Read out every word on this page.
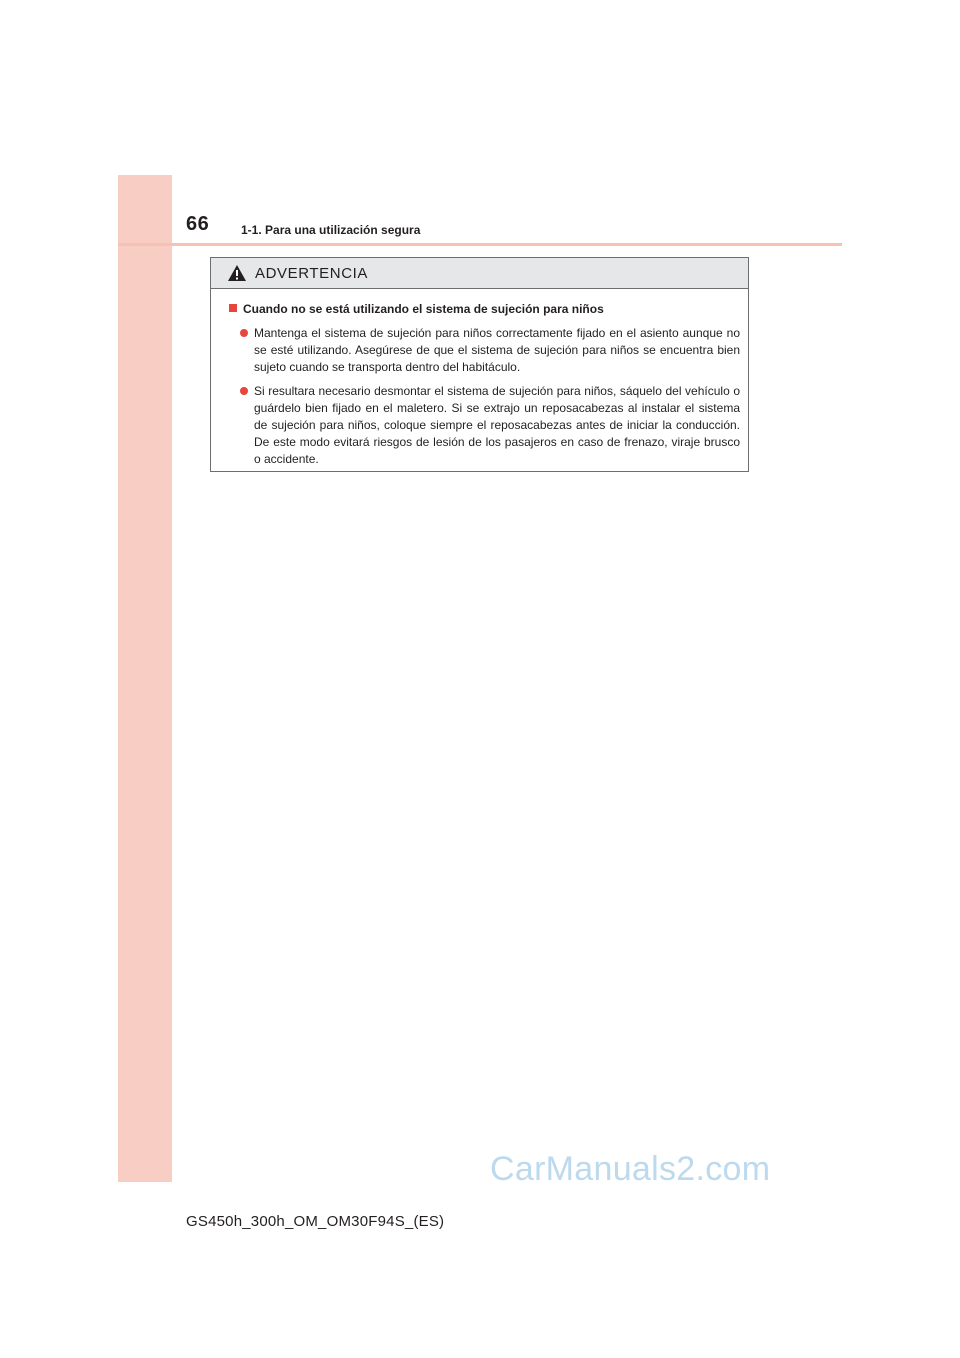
66	1-1. Para una utilización segura
ADVERTENCIA
Cuando no se está utilizando el sistema de sujeción para niños
Mantenga el sistema de sujeción para niños correctamente fijado en el asiento aunque no se esté utilizando. Asegúrese de que el sistema de sujeción para niños se encuentra bien sujeto cuando se transporta dentro del habitáculo.
Si resultara necesario desmontar el sistema de sujeción para niños, sáquelo del vehículo o guárdelo bien fijado en el maletero. Si se extrajo un reposacabezas al instalar el sistema de sujeción para niños, coloque siempre el reposacabezas antes de iniciar la conducción. De este modo evitará riesgos de lesión de los pasajeros en caso de frenazo, viraje brusco o accidente.
CarManuals2.com
GS450h_300h_OM_OM30F94S_(ES)
carmanualsonline.info
